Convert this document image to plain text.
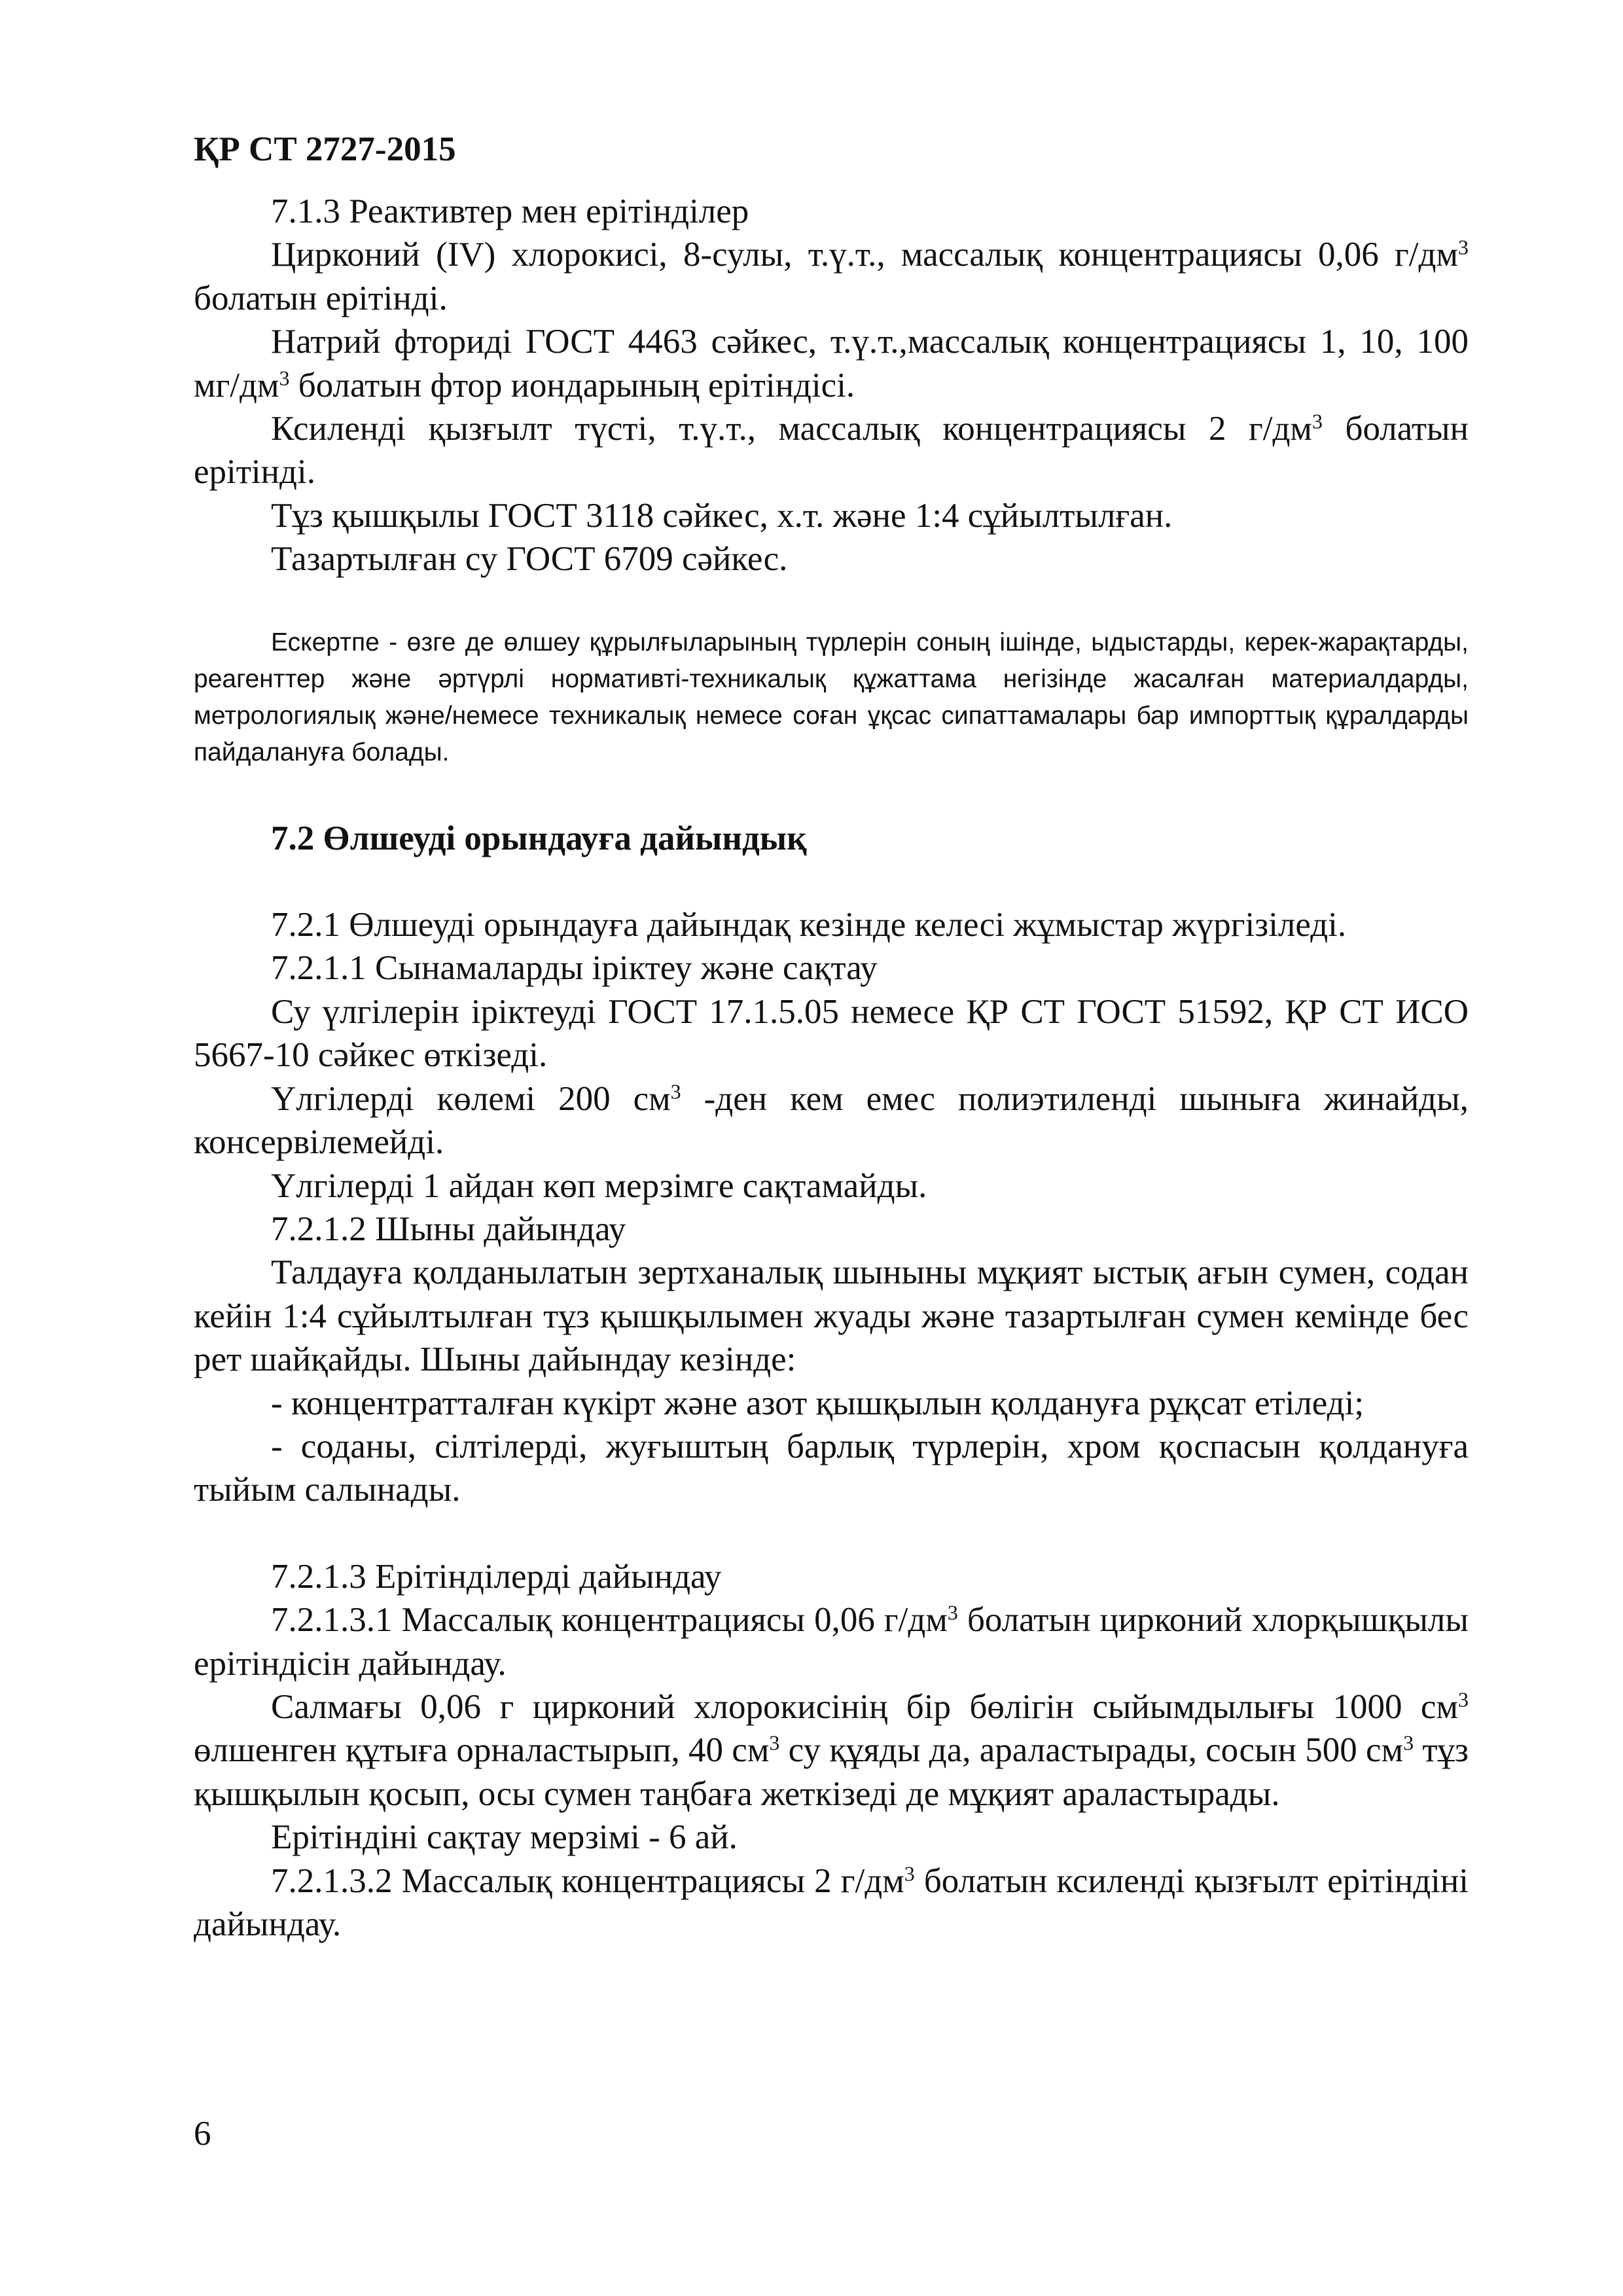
ҚР СТ 2727-2015

7.1.3 Реактивтер мен ерітінділер

Цирконий (IV) хлорокисі, 8-сулы, т.ү.т., массалық концентрациясы 0,06 $г/дм^3$ болатын ерітінді.

Натрий фториді ГОСТ 4463 сәйкес, т.ү.т.,массалық концентрациясы 1, 10, 100 $мг/дм^3$ болатын фтор иондарының ерітіндісі.

Ксиленді қызғылт түсті, т.ү.т., массалық концентрациясы 2 $г/дм^3$ болатын ерітінді.

Тұз қышқылы ГОСТ 3118 сәйкес, х.т. және 1:4 сұйылтылған.

Тазартылған су ГОСТ 6709 сәйкес.

Ескертпе - өзге де өлшеу құрылғыларының түрлерін соның ішінде, ыдыстарды, керек-жарақтарды, реагенттер және әртүрлі нормативті-техникалық құжаттама негізінде жасалған материалдарды, метрологиялық және/немесе техникалық немесе соған ұқсас сипаттамалары бар импорттық құралдарды пайдалануға болады.

7.2 Өлшеуді орындауға дайындық

7.2.1 Өлшеуді орындауға дайындақ кезінде келесі жұмыстар жүргізіледі.

7.2.1.1 Сынамаларды іріктеу және сақтау

Су үлгілерін іріктеуді ГОСТ 17.1.5.05 немесе ҚР СТ ГОСТ 51592, ҚР СТ ИСО 5667-10 сәйкес өткізеді.

Үлгілерді көлемі 200 $см^3$ -ден кем емес полиэтиленді шыныға жинайды, консервілемейді.

Үлгілерді 1 айдан көп мерзімге сақтамайды.

7.2.1.2 Шыны дайындау

Талдауға қолданылатын зертханалық шыныны мұқият ыстық ағын сумен, содан кейін 1:4 сұйылтылған тұз қышқылымен жуады және тазартылған сумен кемінде бес рет шайқайды. Шыны дайындау кезінде:

- концентратталған күкірт және азот қышқылын қолдануға рұқсат етіледі;

- соданы, сілтілерді, жуғыштың барлық түрлерін, хром қоспасын қолдануға тыйым салынады.

7.2.1.3 Ерітінділерді дайындау

7.2.1.3.1 Массалық концентрациясы 0,06 $г/дм^3$ болатын цирконий хлорқышқылы ерітіндісін дайындау.

Салмағы 0,06 г цирконий хлорокисінің бір бөлігін сыйымдылығы 1000 $см^3$ өлшенген құтыға орналастырып, 40 $см^3$ су құяды да, араластырады, сосын 500 $см^3$ тұз қышқылын қосып, осы сумен таңбаға жеткізеді де мұқият араластырады.

Ерітіндіні сақтау мерзімі - 6 ай.

7.2.1.3.2 Массалық концентрациясы 2 $г/дм^3$ болатын ксиленді қызғылт ерітіндіні дайындау.

6
